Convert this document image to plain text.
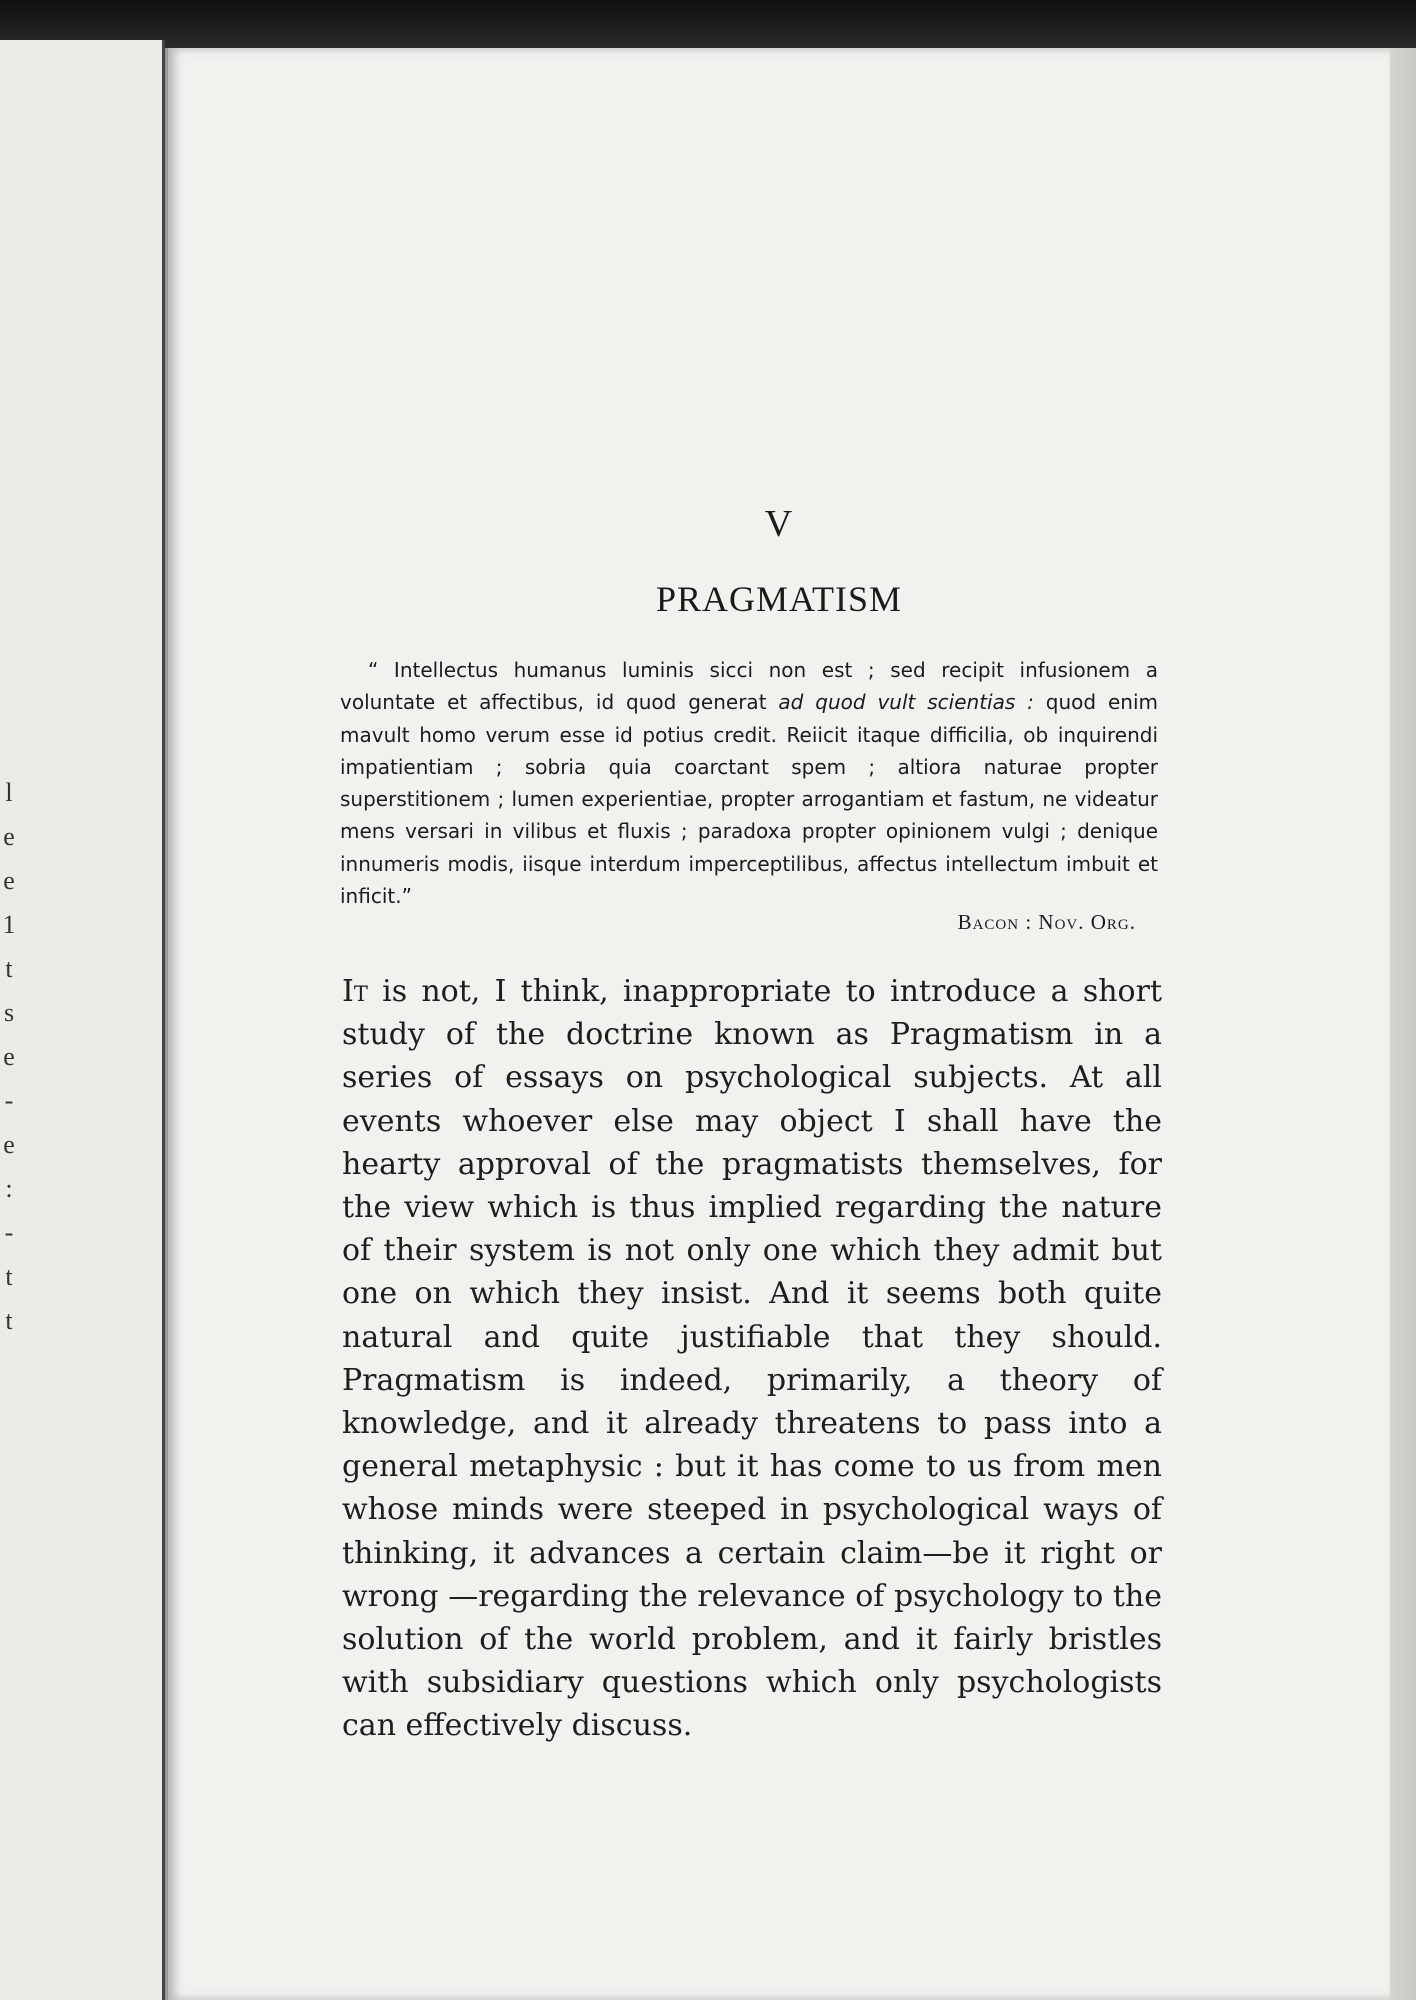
l
e
e
1
t
s
e
-
e
:
-
t
t
V
PRAGMATISM

“ Intellectus humanus luminis sicci non est ; sed recipit infusionem a voluntate et affectibus, id quod generat ad quod vult scientias : quod enim mavult homo verum esse id potius credit. Reiicit itaque difficilia, ob inquirendi impatientiam ; sobria quia coarctant spem ; altiora naturae propter superstitionem ; lumen experientiae, propter arrogantiam et fastum, ne videatur mens versari in vilibus et fluxis ; paradoxa propter opinionem vulgi ; denique innumeris modis, iisque interdum imperceptilibus, affectus intellectum imbuit et inficit.”

Bacon : Nov. Org.

It is not, I think, inappropriate to introduce a short study of the doctrine known as Pragmatism in a series of essays on psychological subjects. At all events whoever else may object I shall have the hearty approval of the pragmatists themselves, for the view which is thus implied regarding the nature of their system is not only one which they admit but one on which they insist. And it seems both quite natural and quite justifiable that they should. Pragmatism is indeed, primarily, a theory of knowledge, and it already threatens to pass into a general metaphysic : but it has come to us from men whose minds were steeped in psychological ways of thinking, it advances a certain claim—be it right or wrong —regarding the relevance of psychology to the solution of the world problem, and it fairly bristles with subsidiary questions which only psychologists can effectively discuss.
